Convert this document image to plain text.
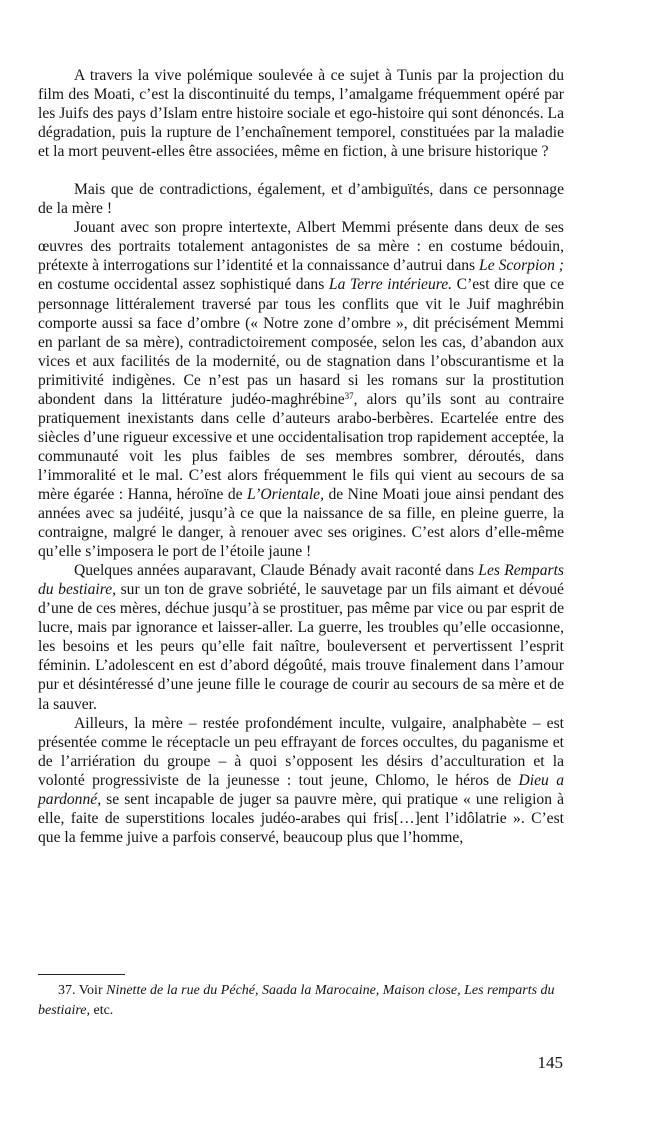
A travers la vive polémique soulevée à ce sujet à Tunis par la projection du film des Moati, c’est la discontinuité du temps, l’amalgame fréquemment opéré par les Juifs des pays d’Islam entre histoire sociale et ego-histoire qui sont dénoncés. La dégradation, puis la rupture de l’enchaînement temporel, constituées par la maladie et la mort peuvent-elles être associées, même en fiction, à une brisure historique ?

Mais que de contradictions, également, et d’ambiguïtés, dans ce personnage de la mère !

Jouant avec son propre intertexte, Albert Memmi présente dans deux de ses œuvres des portraits totalement antagonistes de sa mère : en costume bédouin, prétexte à interrogations sur l’identité et la connaissance d’autrui dans Le Scorpion ; en costume occidental assez sophistiqué dans La Terre intérieure. C’est dire que ce personnage littéralement traversé par tous les conflits que vit le Juif maghrébin comporte aussi sa face d’ombre (« Notre zone d’ombre », dit précisément Memmi en parlant de sa mère), contradictoirement composée, selon les cas, d’abandon aux vices et aux facilités de la modernité, ou de stagnation dans l’obscurantisme et la primitivité indigènes. Ce n’est pas un hasard si les romans sur la prostitution abondent dans la littérature judéo-maghrébine$^{37}$, alors qu’ils sont au contraire pratiquement inexistants dans celle d’auteurs arabo-berbères. Ecartelée entre des siècles d’une rigueur excessive et une occidentalisation trop rapidement acceptée, la communauté voit les plus faibles de ses membres sombrer, déroutés, dans l’immoralité et le mal. C’est alors fréquemment le fils qui vient au secours de sa mère égarée : Hanna, héroïne de L’Orientale, de Nine Moati joue ainsi pendant des années avec sa judéité, jusqu’à ce que la naissance de sa fille, en pleine guerre, la contraigne, malgré le danger, à renouer avec ses origines. C’est alors d’elle-même qu’elle s’imposera le port de l’étoile jaune !

Quelques années auparavant, Claude Bénady avait raconté dans Les Remparts du bestiaire, sur un ton de grave sobriété, le sauvetage par un fils aimant et dévoué d’une de ces mères, déchue jusqu’à se prostituer, pas même par vice ou par esprit de lucre, mais par ignorance et laisser-aller. La guerre, les troubles qu’elle occasionne, les besoins et les peurs qu’elle fait naître, bouleversent et pervertissent l’esprit féminin. L’adolescent en est d’abord dégoûté, mais trouve finalement dans l’amour pur et désintéressé d’une jeune fille le courage de courir au secours de sa mère et de la sauver.

Ailleurs, la mère – restée profondément inculte, vulgaire, analphabète – est présentée comme le réceptacle un peu effrayant de forces occultes, du paganisme et de l’arriération du groupe – à quoi s’opposent les désirs d’acculturation et la volonté progressiviste de la jeunesse : tout jeune, Chlomo, le héros de Dieu a pardonné, se sent incapable de juger sa pauvre mère, qui pratique « une religion à elle, faite de superstitions locales judéo-arabes qui fris[…]ent l’idôlatrie ». C’est que la femme juive a parfois conservé, beaucoup plus que l’homme,

37. Voir Ninette de la rue du Péché, Saada la Marocaine, Maison close, Les remparts du bestiaire, etc.

145
